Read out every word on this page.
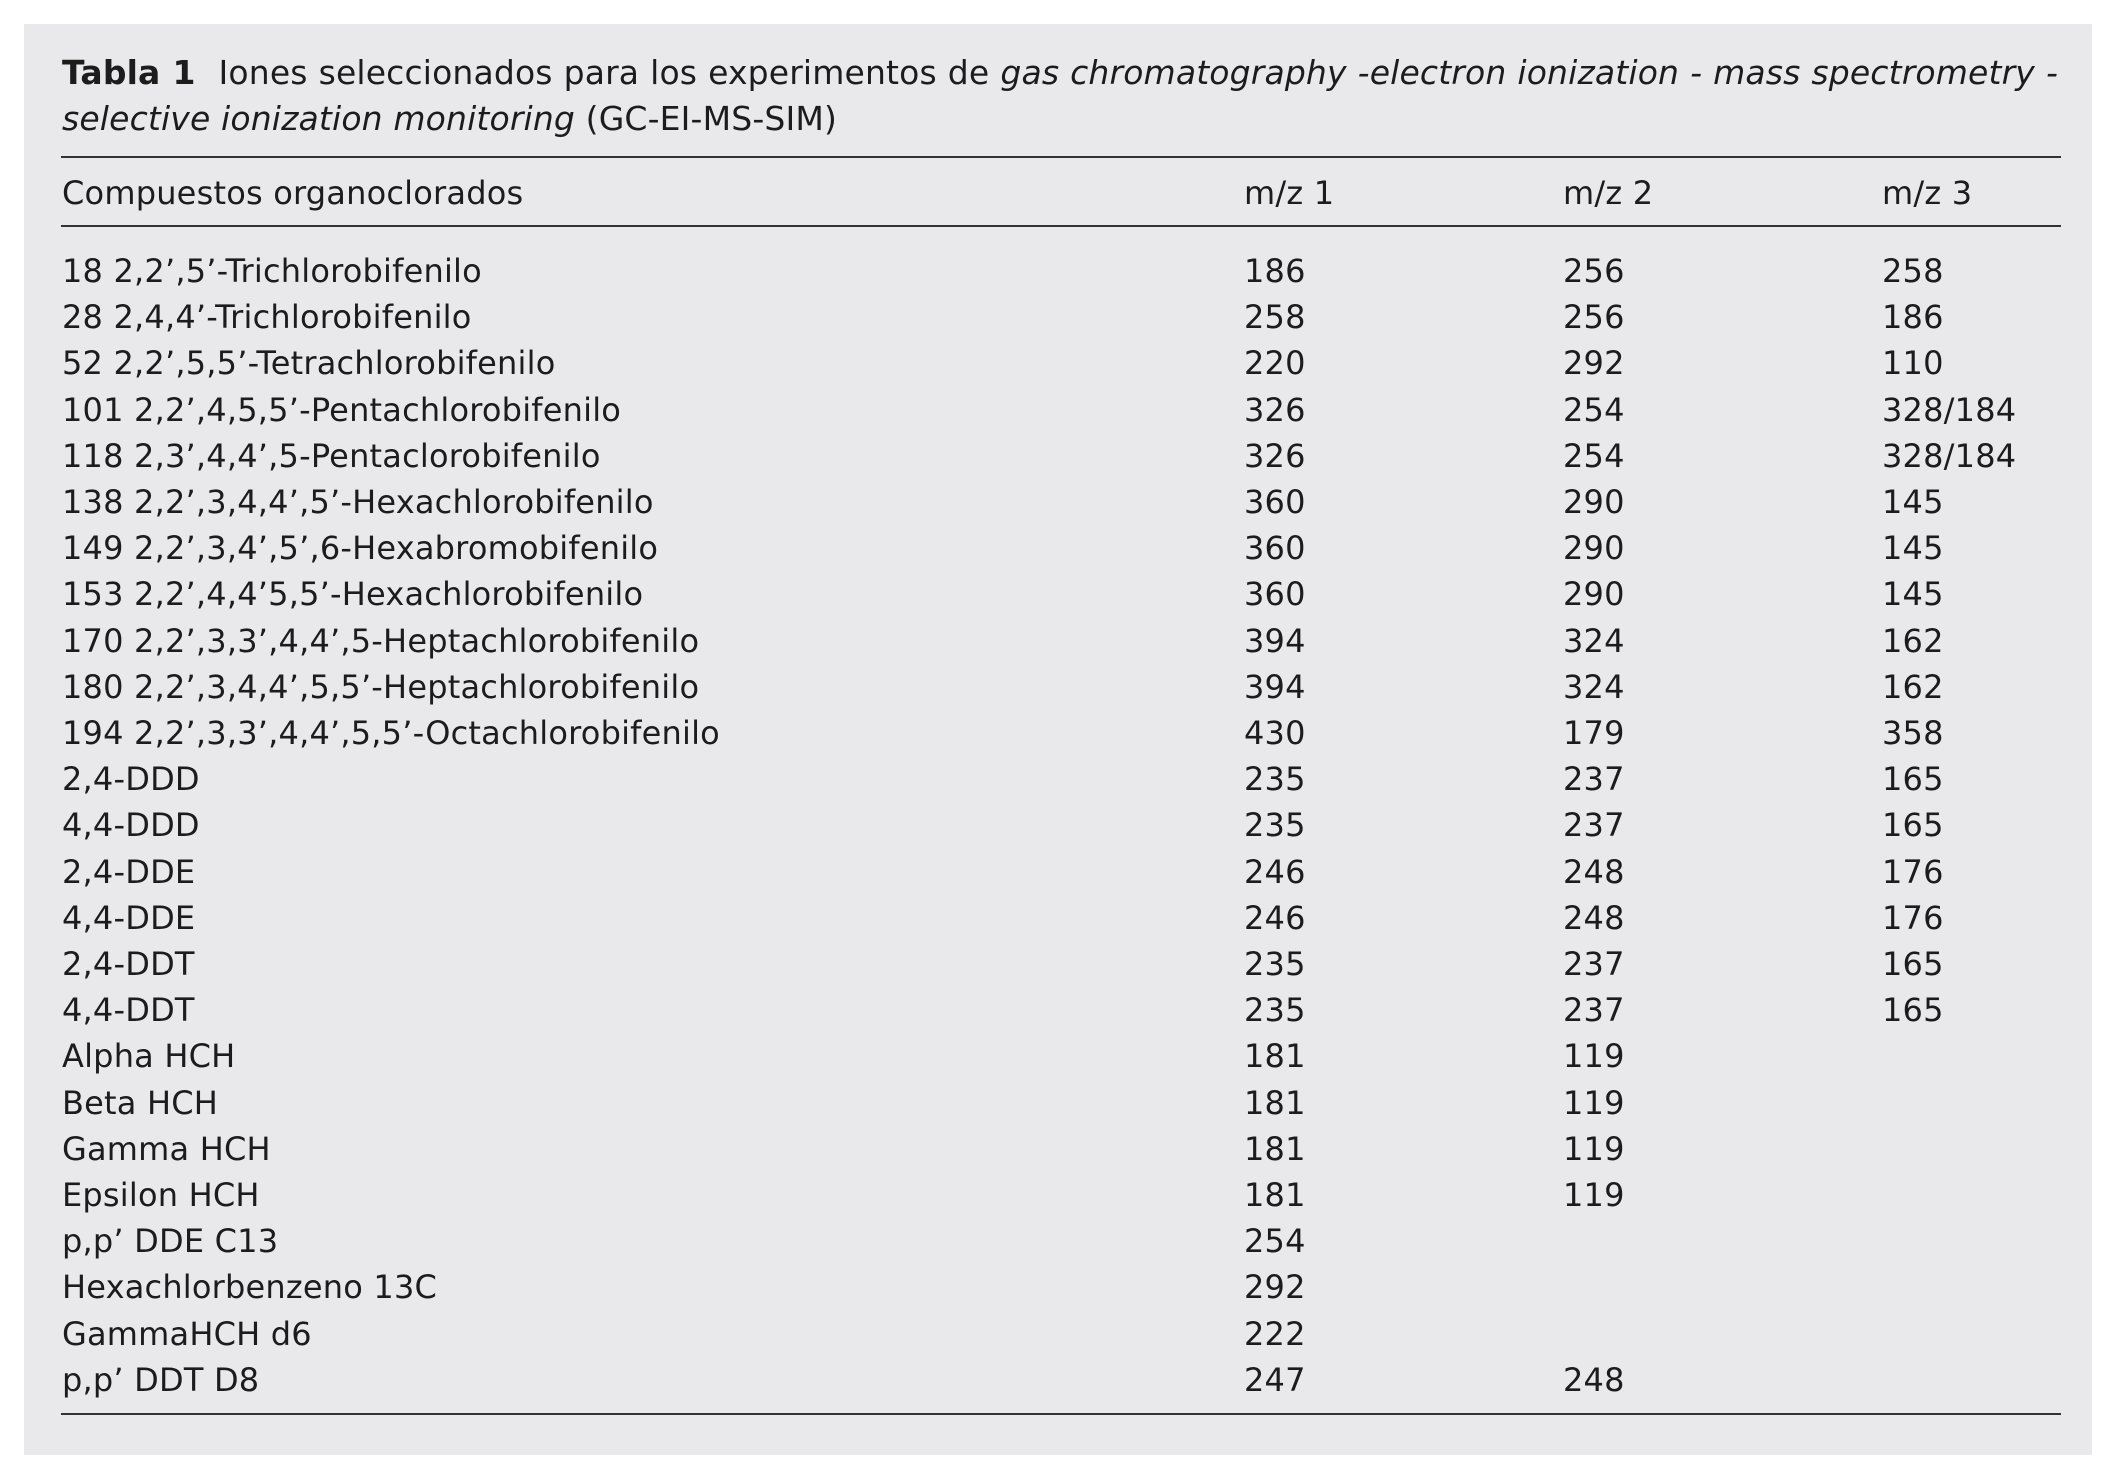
Tabla 1 Iones seleccionados para los experimentos de gas chromatography -electron ionization - mass spectrometry - selective ionization monitoring (GC-EI-MS-SIM)
Compuestos organoclorados	m/z 1	m/z 2	m/z 3
18 2,2’,5’-Trichlorobifenilo	186	256	258
28 2,4,4’-Trichlorobifenilo	258	256	186
52 2,2’,5,5’-Tetrachlorobifenilo	220	292	110
101 2,2’,4,5,5’-Pentachlorobifenilo	326	254	328/184
118 2,3’,4,4’,5-Pentaclorobifenilo	326	254	328/184
138 2,2’,3,4,4’,5’-Hexachlorobifenilo	360	290	145
149 2,2’,3,4’,5’,6-Hexabromobifenilo	360	290	145
153 2,2’,4,4’5,5’-Hexachlorobifenilo	360	290	145
170 2,2’,3,3’,4,4’,5-Heptachlorobifenilo	394	324	162
180 2,2’,3,4,4’,5,5’-Heptachlorobifenilo	394	324	162
194 2,2’,3,3’,4,4’,5,5’-Octachlorobifenilo	430	179	358
2,4-DDD	235	237	165
4,4-DDD	235	237	165
2,4-DDE	246	248	176
4,4-DDE	246	248	176
2,4-DDT	235	237	165
4,4-DDT	235	237	165
Alpha HCH	181	119
Beta HCH	181	119
Gamma HCH	181	119
Epsilon HCH	181	119
p,p’ DDE C13	254
Hexachlorbenzeno 13C	292
GammaHCH d6	222
p,p’ DDT D8	247	248
